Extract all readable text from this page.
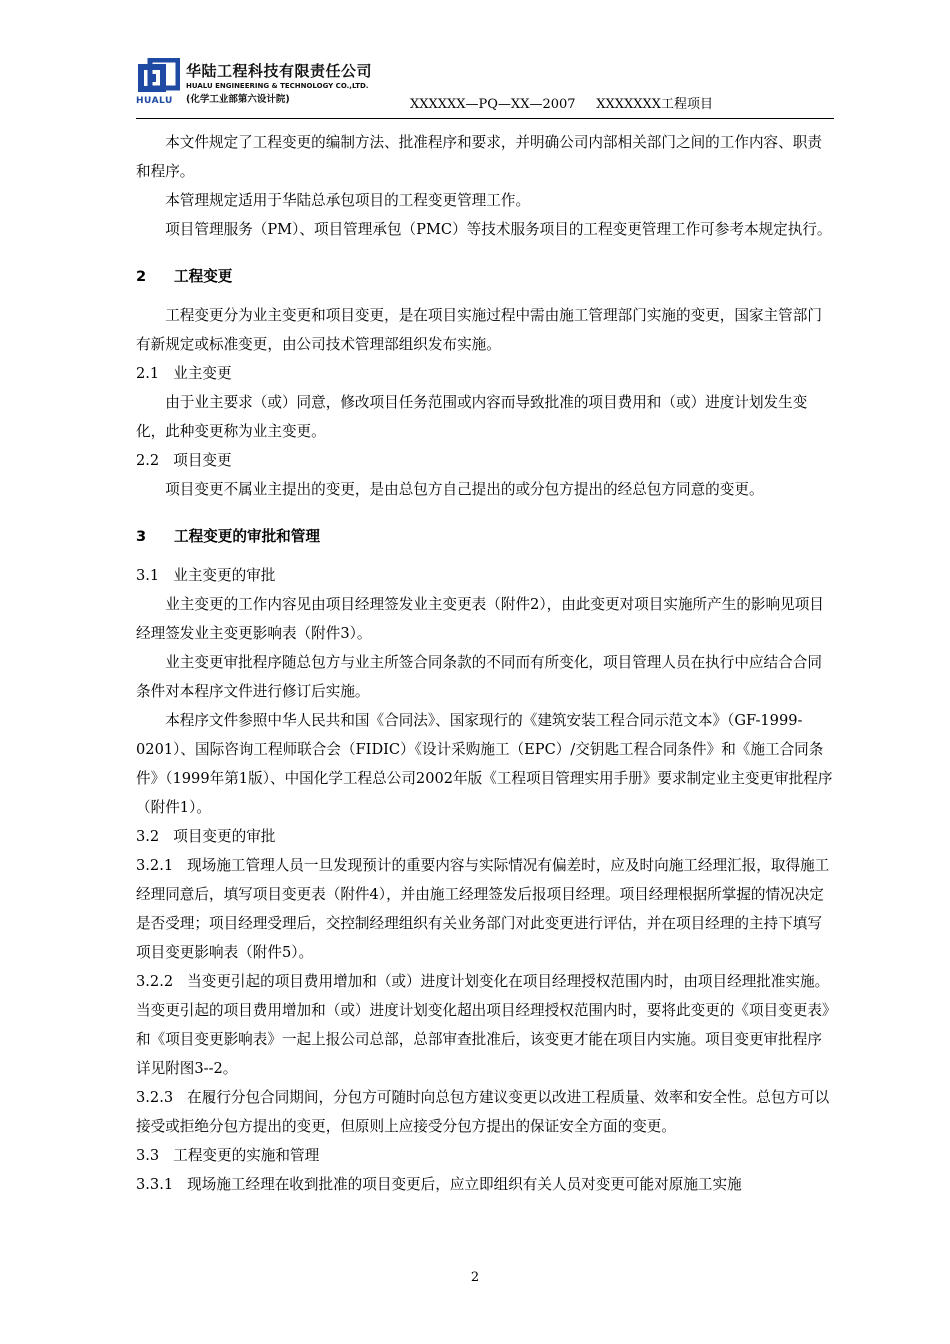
HUALU
华陆工程科技有限责任公司
HUALU ENGINEERING & TECHNOLOGY CO.,LTD.
(化学工业部第六设计院)	XXXXXX—PQ—XX—2007     XXXXXXX工程项目

本文件规定了工程变更的编制方法、批准程序和要求，并明确公司内部相关部门之间的工作内容、职责和程序。

本管理规定适用于华陆总承包项目的工程变更管理工作。

项目管理服务（PM）、项目管理承包（PMC）等技术服务项目的工程变更管理工作可参考本规定执行。

2 工程变更

工程变更分为业主变更和项目变更，是在项目实施过程中需由施工管理部门实施的变更，国家主管部门有新规定或标准变更，由公司技术管理部组织发布实施。

2.1 业主变更

由于业主要求（或）同意，修改项目任务范围或内容而导致批准的项目费用和（或）进度计划发生变化，此种变更称为业主变更。

2.2 项目变更

项目变更不属业主提出的变更，是由总包方自己提出的或分包方提出的经总包方同意的变更。

3 工程变更的审批和管理
3.1 业主变更的审批

业主变更的工作内容见由项目经理签发业主变更表（附件2），由此变更对项目实施所产生的影响见项目经理签发业主变更影响表（附件3）。

业主变更审批程序随总包方与业主所签合同条款的不同而有所变化，项目管理人员在执行中应结合合同条件对本程序文件进行修订后实施。

本程序文件参照中华人民共和国《合同法》、国家现行的《建筑安装工程合同示范文本》（GF-1999-0201）、国际咨询工程师联合会（FIDIC）《设计采购施工（EPC）/交钥匙工程合同条件》和《施工合同条件》（1999年第1版）、中国化学工程总公司2002年版《工程项目管理实用手册》要求制定业主变更审批程序（附件1）。

3.2 项目变更的审批

3.2.1 现场施工管理人员一旦发现预计的重要内容与实际情况有偏差时，应及时向施工经理汇报，取得施工经理同意后，填写项目变更表（附件4），并由施工经理签发后报项目经理。项目经理根据所掌握的情况决定是否受理；项目经理受理后，交控制经理组织有关业务部门对此变更进行评估，并在项目经理的主持下填写项目变更影响表（附件5）。

3.2.2 当变更引起的项目费用增加和（或）进度计划变化在项目经理授权范围内时，由项目经理批准实施。当变更引起的项目费用增加和（或）进度计划变化超出项目经理授权范围内时，要将此变更的《项目变更表》和《项目变更影响表》一起上报公司总部，总部审查批准后，该变更才能在项目内实施。项目变更审批程序详见附图3--2。

3.2.3 在履行分包合同期间，分包方可随时向总包方建议变更以改进工程质量、效率和安全性。总包方可以接受或拒绝分包方提出的变更，但原则上应接受分包方提出的保证安全方面的变更。

3.3 工程变更的实施和管理

3.3.1 现场施工经理在收到批准的项目变更后，应立即组织有关人员对变更可能对原施工实施

2
